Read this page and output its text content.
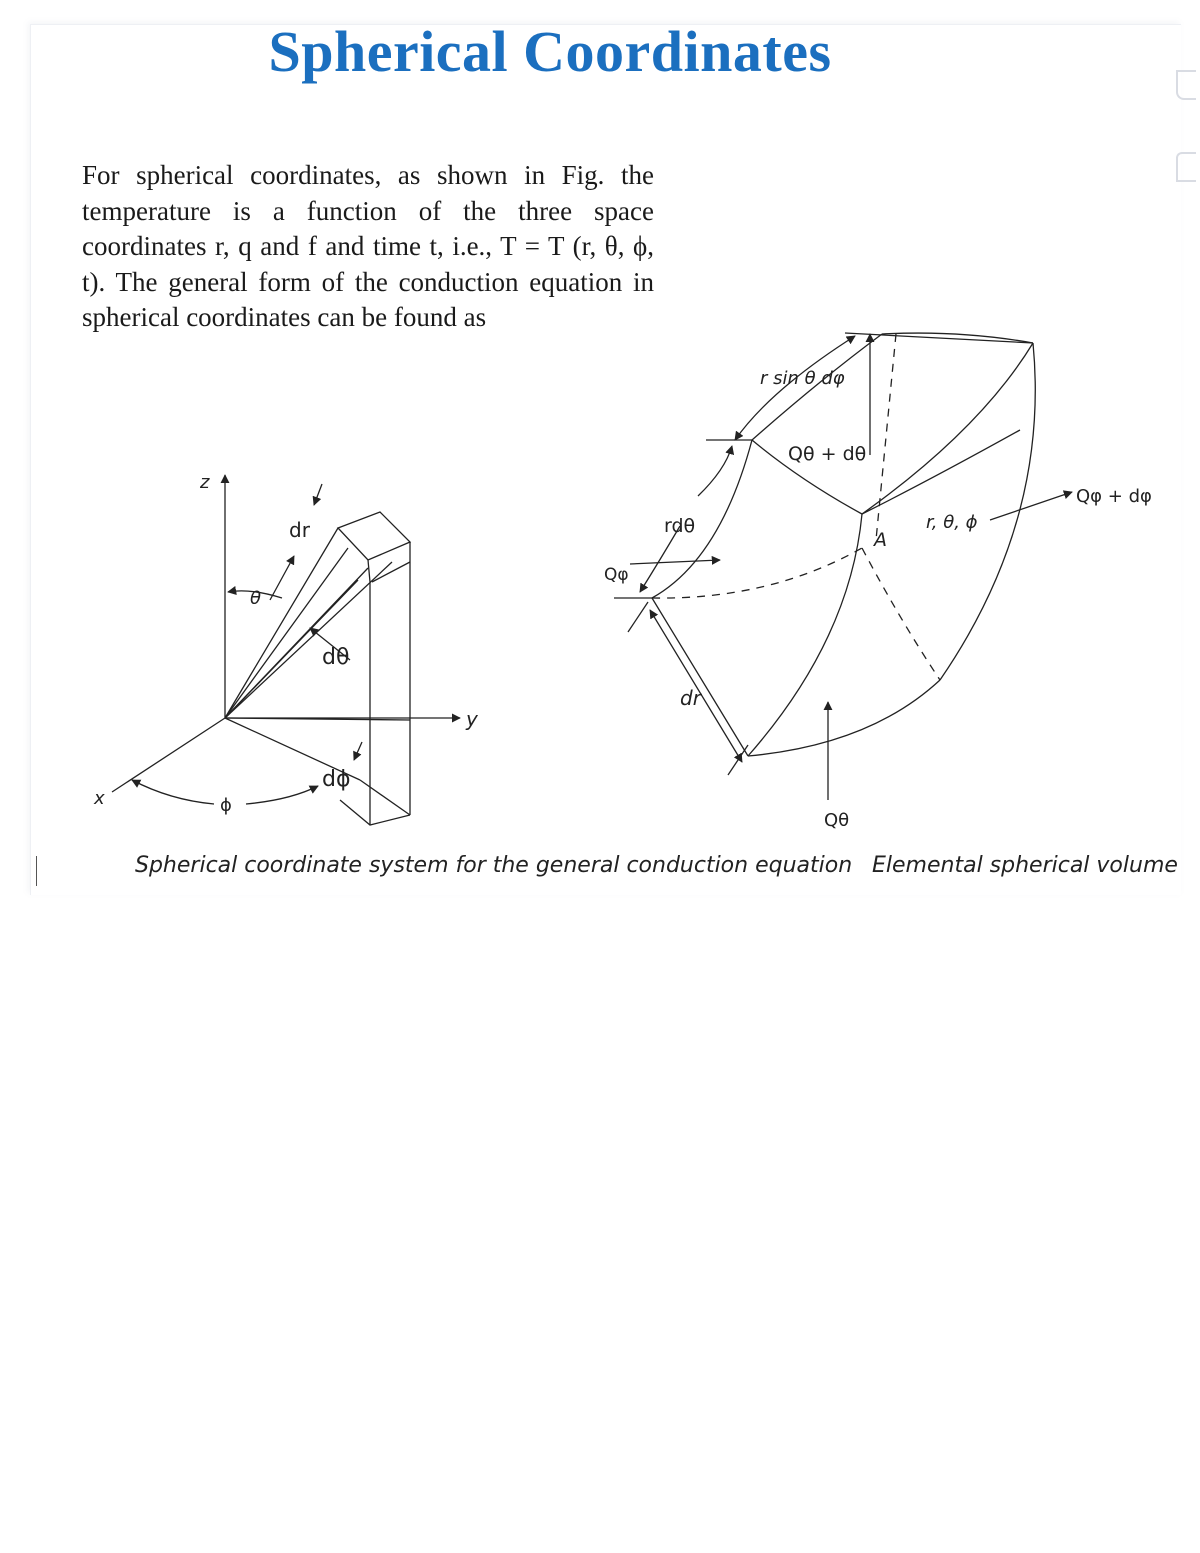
Spherical Coordinates

For spherical coordinates, as shown in Fig. the temperature is a function of the three space coordinates r, q and f and time t, i.e., T = T (r, θ, ϕ, t). The general form of the conduction equation in spherical coordinates can be found as

z
y
x
dr
θ
dθ
dϕ
ϕ
Spherical coordinate system for the general conduction equation
r sin θ dφ
Qθ + dθ
Qφ + dφ
r, θ, ϕ
A
rdθ
Qφ
dr
Qθ
Elemental spherical volume
